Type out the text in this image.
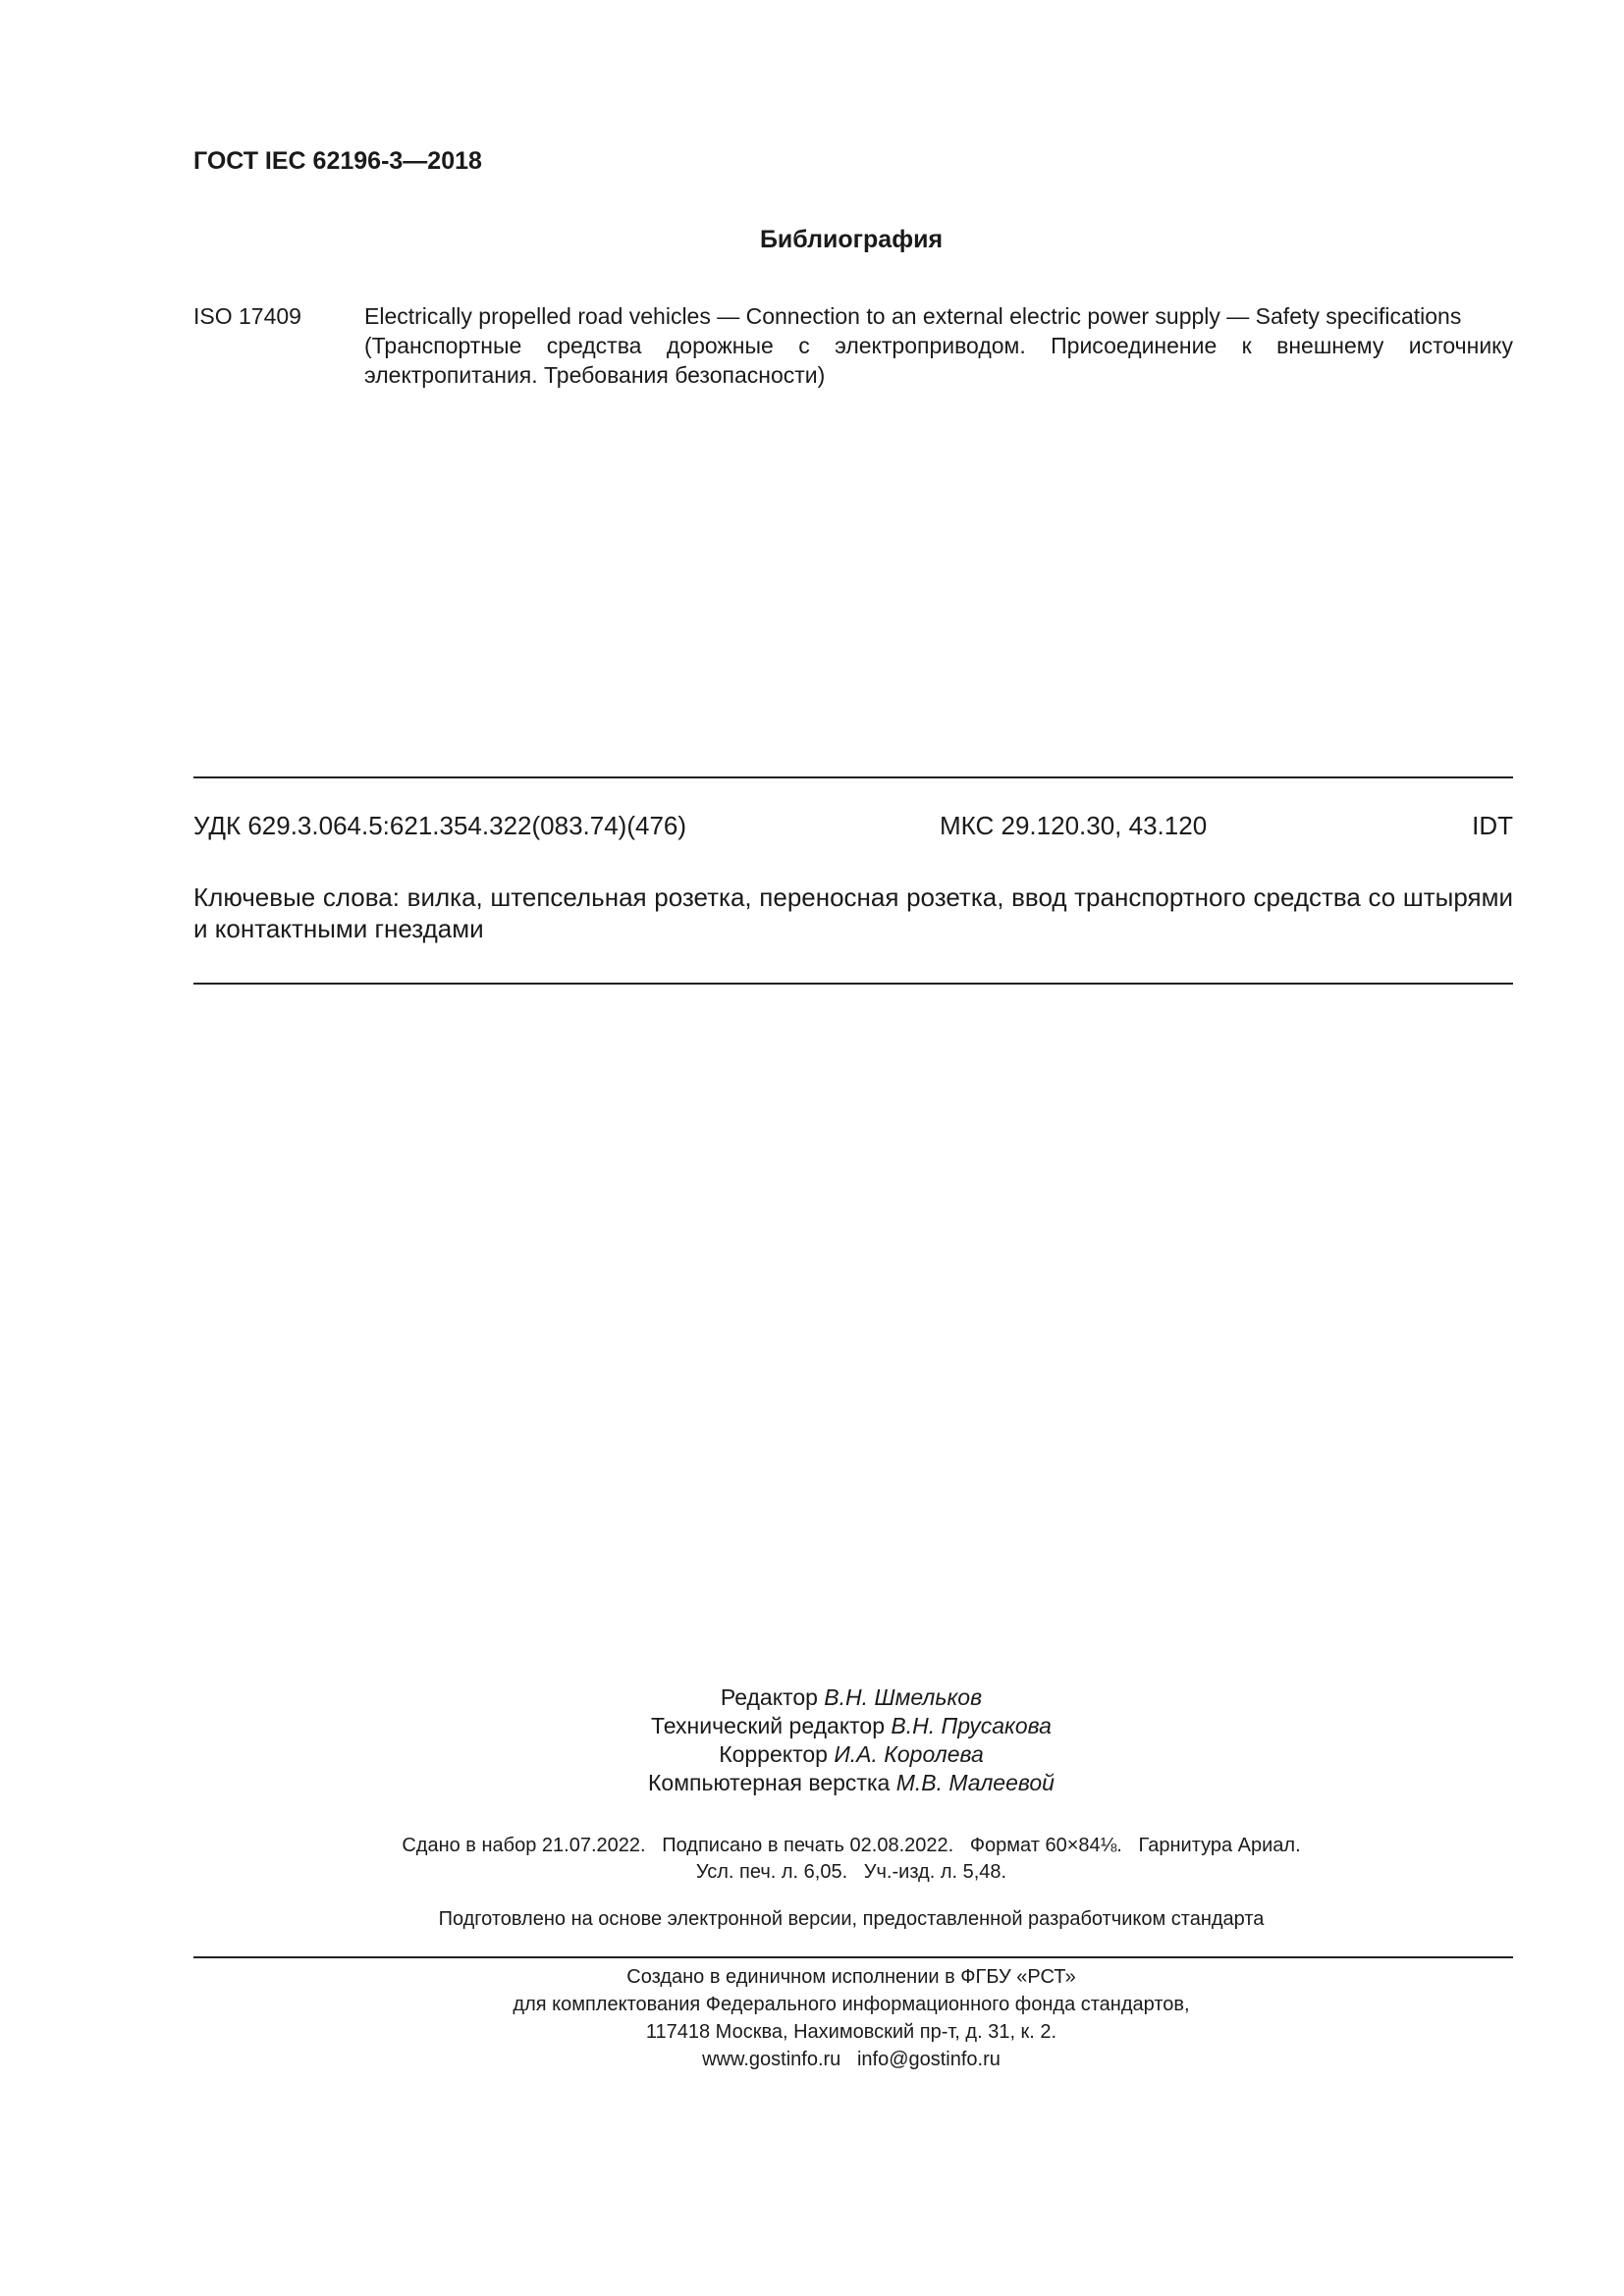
ГОСТ IEC 62196-3—2018
Библиография
ISO 17409	Electrically propelled road vehicles — Connection to an external electric power supply — Safety specifications

(Транспортные средства дорожные с электроприводом. Присоединение к внешнему источнику электропитания. Требования безопасности)

УДК 629.3.064.5:621.354.322(083.74)(476)	МКС 29.120.30, 43.120	IDT

Ключевые слова: вилка, штепсельная розетка, переносная розетка, ввод транспортного средства со штырями и контактными гнездами

Редактор В.Н. Шмельков
Технический редактор В.Н. Прусакова
Корректор И.А. Королева
Компьютерная верстка М.В. Малеевой
Сдано в набор 21.07.2022.   Подписано в печать 02.08.2022.   Формат 60×84⅛.   Гарнитура Ариал.
Усл. печ. л. 6,05.   Уч.-изд. л. 5,48.
Подготовлено на основе электронной версии, предоставленной разработчиком стандарта
Создано в единичном исполнении в ФГБУ «РСТ»
для комплектования Федерального информационного фонда стандартов,
117418 Москва, Нахимовский пр-т, д. 31, к. 2.
www.gostinfo.ru info@gostinfo.ru
